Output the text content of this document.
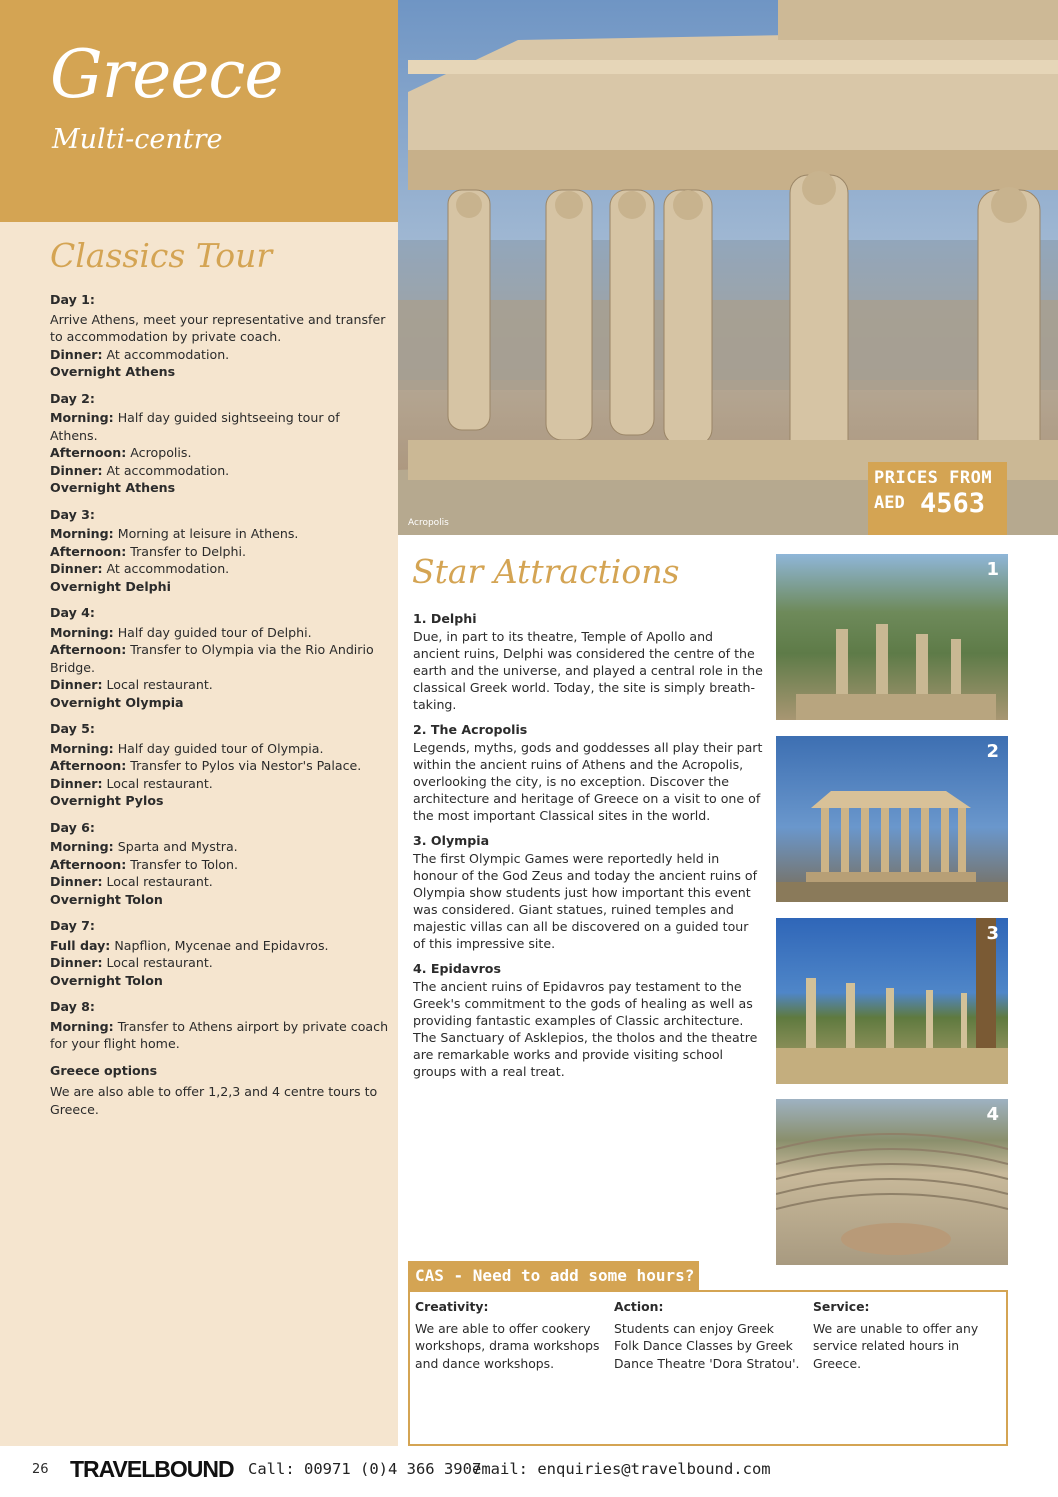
Greece
Multi-centre
Classics Tour
Day 1:
Arrive Athens, meet your representative and transfer to accommodation by private coach.
Dinner: At accommodation.
Overnight Athens
Day 2:
Morning: Half day guided sightseeing tour of Athens.
Afternoon: Acropolis.
Dinner: At accommodation.
Overnight Athens
Day 3:
Morning: Morning at leisure in Athens.
Afternoon: Transfer to Delphi.
Dinner: At accommodation.
Overnight Delphi
Day 4:
Morning: Half day guided tour of Delphi.
Afternoon: Transfer to Olympia via the Rio Andirio Bridge.
Dinner: Local restaurant.
Overnight Olympia
Day 5:
Morning: Half day guided tour of Olympia.
Afternoon: Transfer to Pylos via Nestor's Palace.
Dinner: Local restaurant.
Overnight Pylos
Day 6:
Morning: Sparta and Mystra.
Afternoon: Transfer to Tolon.
Dinner: Local restaurant.
Overnight Tolon
Day 7:
Full day: Napflion, Mycenae and Epidavros.
Dinner: Local restaurant.
Overnight Tolon
Day 8:
Morning: Transfer to Athens airport by private coach for your flight home.
Greece options
We are also able to offer 1,2,3 and 4 centre tours to Greece.
Acropolis
PRICES FROM
AED 4563
Star Attractions
1. Delphi
Due, in part to its theatre, Temple of Apollo and ancient ruins, Delphi was considered the centre of the earth and the universe, and played a central role in the classical Greek world. Today, the site is simply breath-taking.
2. The Acropolis
Legends, myths, gods and goddesses all play their part within the ancient ruins of Athens and the Acropolis, overlooking the city, is no exception. Discover the architecture and heritage of Greece on a visit to one of the most important Classical sites in the world.
3. Olympia
The first Olympic Games were reportedly held in honour of the God Zeus and today the ancient ruins of Olympia show students just how important this event was considered. Giant statues, ruined temples and majestic villas can all be discovered on a guided tour of this impressive site.
4. Epidavros
The ancient ruins of Epidavros pay testament to the Greek's commitment to the gods of healing as well as providing fantastic examples of Classic architecture. The Sanctuary of Asklepios, the tholos and the theatre are remarkable works and provide visiting school groups with a real treat.
1
2
3
4
CAS - Need to add some hours?
Creativity:
We are able to offer cookery workshops, drama workshops and dance workshops.
Action:
Students can enjoy Greek Folk Dance Classes by Greek Dance Theatre 'Dora Stratou'.
Service:
We are unable to offer any service related hours in Greece.
26 TRAVELBOUND Call: 00971 (0)4 366 3907
email: enquiries@travelbound.com
